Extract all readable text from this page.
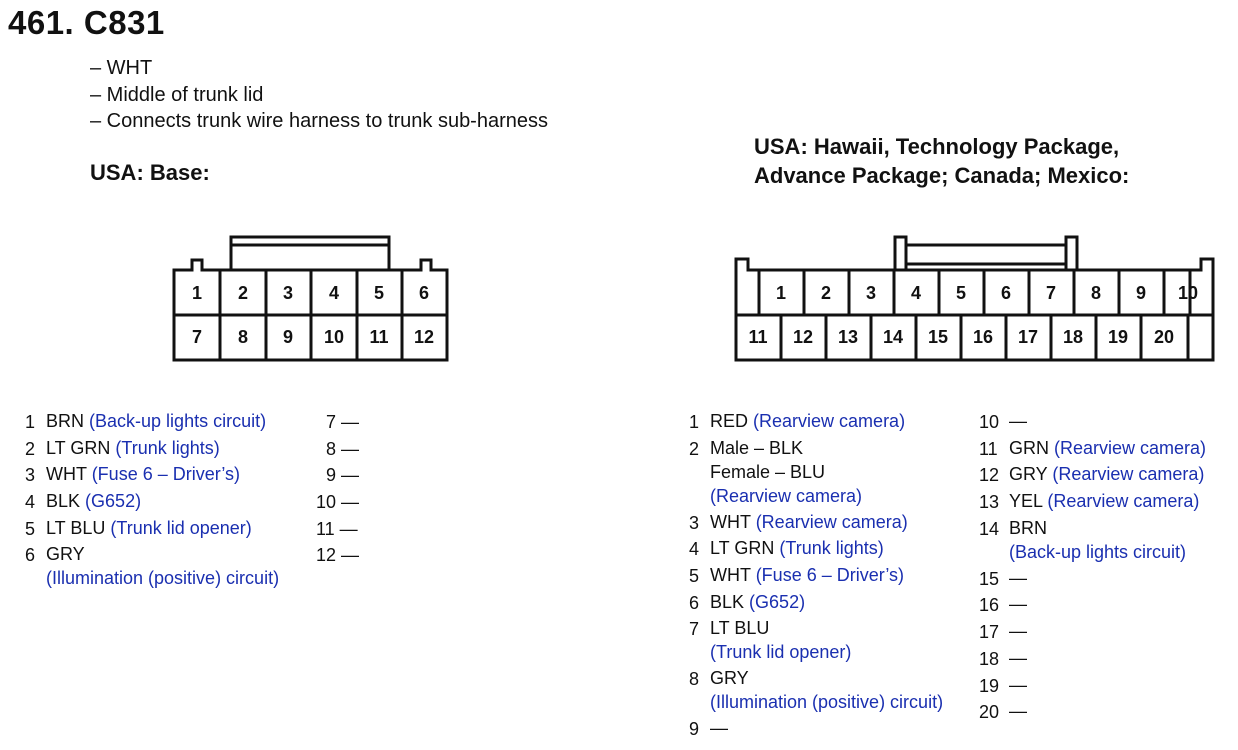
461. C831
– WHT
– Middle of trunk lid
– Connects trunk wire harness to trunk sub-harness
USA: Base:
USA: Hawaii, Technology Package,
Advance Package; Canada; Mexico:
1 2 3 4 5 6
7 8 9 10 11 12
1 2 3 4 5 6 7 8 9 10
11 12 13 14 15 16 17 18 19 20
1 BRN (Back-up lights circuit)
2 LT GRN (Trunk lights)
3 WHT (Fuse 6 – Driver’s)
4 BLK (G652)
5 LT BLU (Trunk lid opener)
6 GRY
(Illumination (positive) circuit)
7 —
8 —
9 —
10 —
11 —
12 —
1 RED (Rearview camera)
2 Male – BLK
Female – BLU
(Rearview camera)
3 WHT (Rearview camera)
4 LT GRN (Trunk lights)
5 WHT (Fuse 6 – Driver’s)
6 BLK (G652)
7 LT BLU
(Trunk lid opener)
8 GRY
(Illumination (positive) circuit)
9 —
10 —
11 GRN (Rearview camera)
12 GRY (Rearview camera)
13 YEL (Rearview camera)
14 BRN
(Back-up lights circuit)
15 —
16 —
17 —
18 —
19 —
20 —
